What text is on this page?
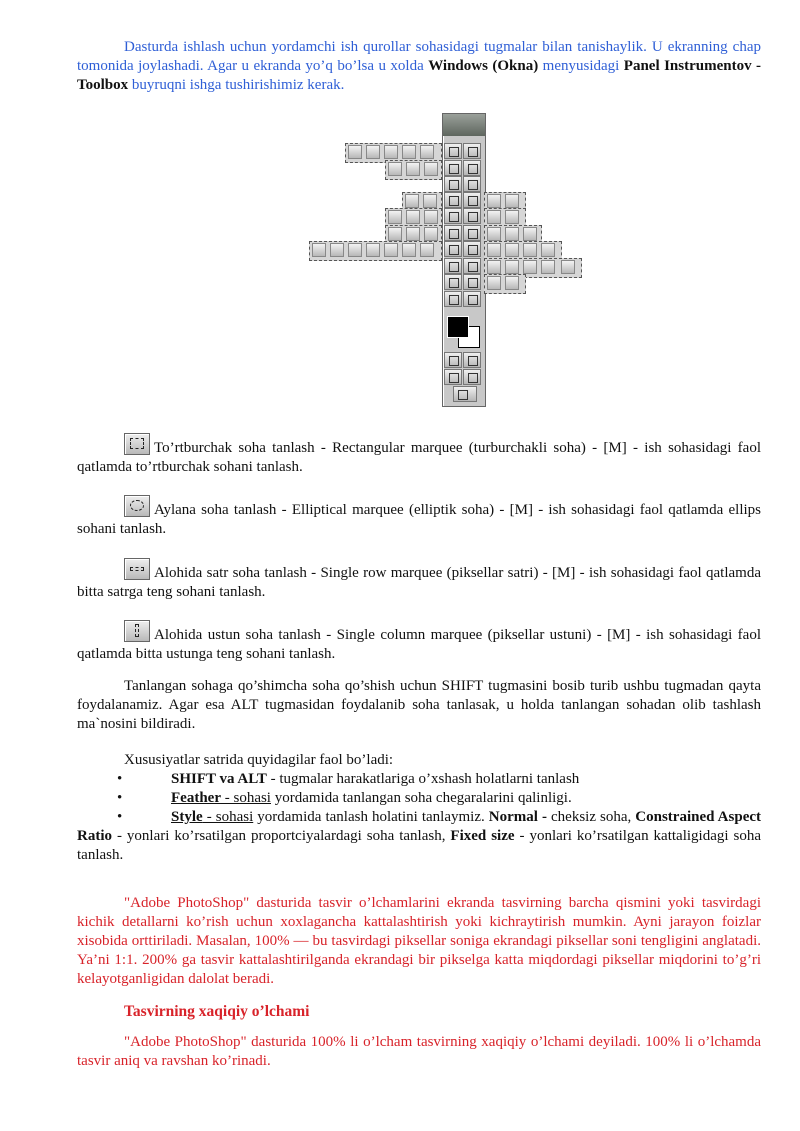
Dasturda ishlash uchun yordamchi ish qurollar sohasidagi tugmalar bilan tanishaylik. U ekranning chap tomonida joylashadi. Agar u ekranda yo’q bo’lsa u xolda Windows (Okna) menyusidagi Panel Instrumentov - Toolbox buyruqni ishga tushirishimiz kerak.
To’rtburchak soha tanlash - Rectangular marquee (turburchakli soha) - [M] - ish sohasidagi faol qatlamda to’rtburchak sohani tanlash.
Aylana soha tanlash - Elliptical marquee (elliptik soha) - [M] - ish sohasidagi faol qatlamda ellips sohani tanlash.
Alohida satr soha tanlash - Single row marquee (piksellar satri) - [M] - ish sohasidagi faol qatlamda bitta satrga teng sohani tanlash.
Alohida ustun soha tanlash - Single column marquee (piksellar ustuni) - [M] - ish sohasidagi faol qatlamda bitta ustunga teng sohani tanlash.
Tanlangan sohaga qo’shimcha soha qo’shish uchun SHIFT tugmasini bosib turib ushbu tugmadan qayta foydalanamiz. Agar esa ALT tugmasidan foydalanib soha tanlasak, u holda tanlangan sohadan olib tashlash ma`nosini bildiradi.
Xususiyatlar satrida quyidagilar faol bo’ladi:
•	SHIFT va ALT - tugmalar harakatlariga o’xshash holatlarni tanlash
•	Feather - sohasi yordamida tanlangan soha chegaralarini qalinligi.
•	Style - sohasi yordamida tanlash holatini tanlaymiz. Normal - cheksiz soha, Constrained Aspect Ratio - yonlari ko’rsatilgan proportciyalardagi soha tanlash, Fixed size - yonlari ko’rsatilgan kattaligidagi soha tanlash.
"Adobe PhotoShop" dasturida tasvir o’lchamlarini ekranda tasvirning barcha qismini yoki tasvirdagi kichik detallarni ko’rish uchun xoxlagancha kattalashtirish yoki kichraytirish mumkin. Ayni jarayon foizlar xisobida orttiriladi. Masalan, 100% — bu tasvirdagi piksellar soniga ekrandagi piksellar soni tengligini anglatadi. Ya’ni 1:1. 200% ga tasvir kattalashtirilganda ekrandagi bir pikselga katta miqdordagi piksellar miqdorini to’g’ri kelayotganligidan dalolat beradi.
Tasvirning xaqiqiy o’lchami
"Adobe PhotoShop" dasturida 100% li o’lcham tasvirning xaqiqiy o’lchami deyiladi. 100% li o’lchamda tasvir aniq va ravshan ko’rinadi.
